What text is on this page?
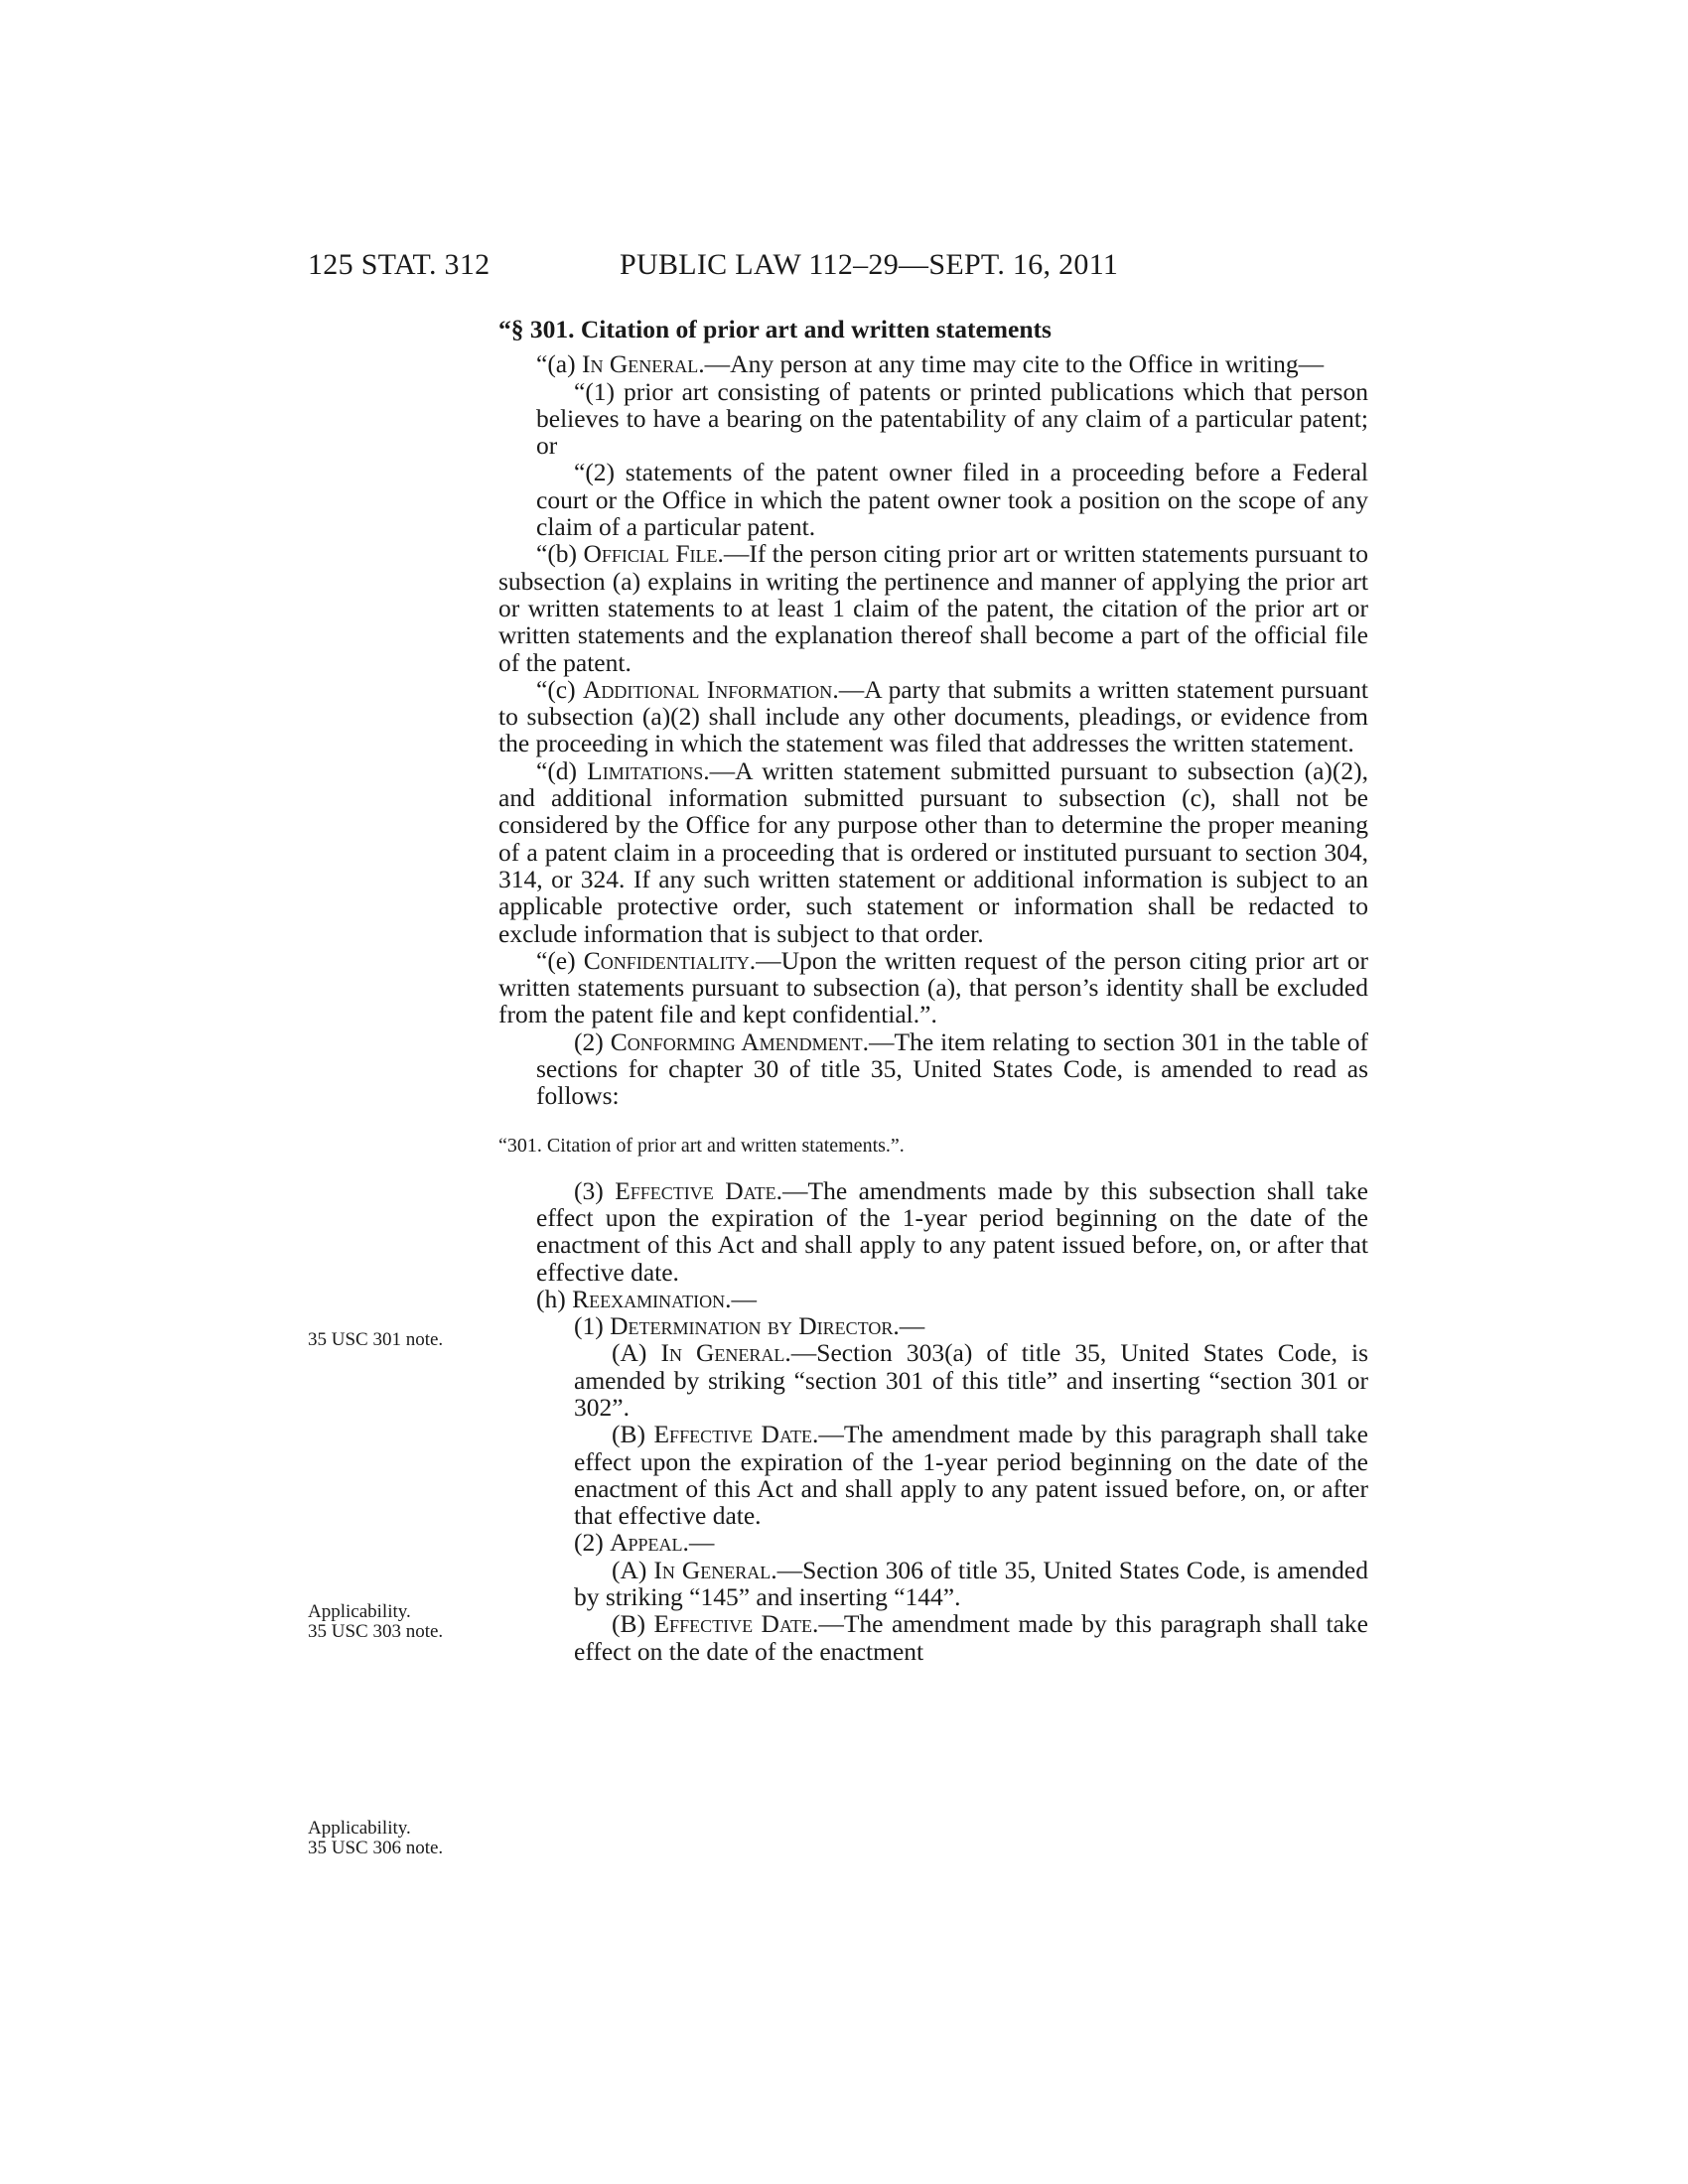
125 STAT. 312	PUBLIC LAW 112–29—SEPT. 16, 2011
35 USC 301 note.
Applicability.
35 USC 303 note.
Applicability.
35 USC 306 note.
“§ 301. Citation of prior art and written statements

“(a) In General.—Any person at any time may cite to the Office in writing—

“(1) prior art consisting of patents or printed publications which that person believes to have a bearing on the patentability of any claim of a particular patent; or

“(2) statements of the patent owner filed in a proceeding before a Federal court or the Office in which the patent owner took a position on the scope of any claim of a particular patent.

“(b) Official File.—If the person citing prior art or written statements pursuant to subsection (a) explains in writing the pertinence and manner of applying the prior art or written statements to at least 1 claim of the patent, the citation of the prior art or written statements and the explanation thereof shall become a part of the official file of the patent.

“(c) Additional Information.—A party that submits a written statement pursuant to subsection (a)(2) shall include any other documents, pleadings, or evidence from the proceeding in which the statement was filed that addresses the written statement.

“(d) Limitations.—A written statement submitted pursuant to subsection (a)(2), and additional information submitted pursuant to subsection (c), shall not be considered by the Office for any purpose other than to determine the proper meaning of a patent claim in a proceeding that is ordered or instituted pursuant to section 304, 314, or 324. If any such written statement or additional information is subject to an applicable protective order, such statement or information shall be redacted to exclude information that is subject to that order.

“(e) Confidentiality.—Upon the written request of the person citing prior art or written statements pursuant to subsection (a), that person’s identity shall be excluded from the patent file and kept confidential.”.

(2) Conforming Amendment.—The item relating to section 301 in the table of sections for chapter 30 of title 35, United States Code, is amended to read as follows:

“301. Citation of prior art and written statements.”.

(3) Effective Date.—The amendments made by this subsection shall take effect upon the expiration of the 1-year period beginning on the date of the enactment of this Act and shall apply to any patent issued before, on, or after that effective date.

(h) Reexamination.—

(1) Determination by Director.—

(A) In General.—Section 303(a) of title 35, United States Code, is amended by striking “section 301 of this title” and inserting “section 301 or 302”.

(B) Effective Date.—The amendment made by this paragraph shall take effect upon the expiration of the 1-year period beginning on the date of the enactment of this Act and shall apply to any patent issued before, on, or after that effective date.

(2) Appeal.—

(A) In General.—Section 306 of title 35, United States Code, is amended by striking “145” and inserting “144”.

(B) Effective Date.—The amendment made by this paragraph shall take effect on the date of the enactment
